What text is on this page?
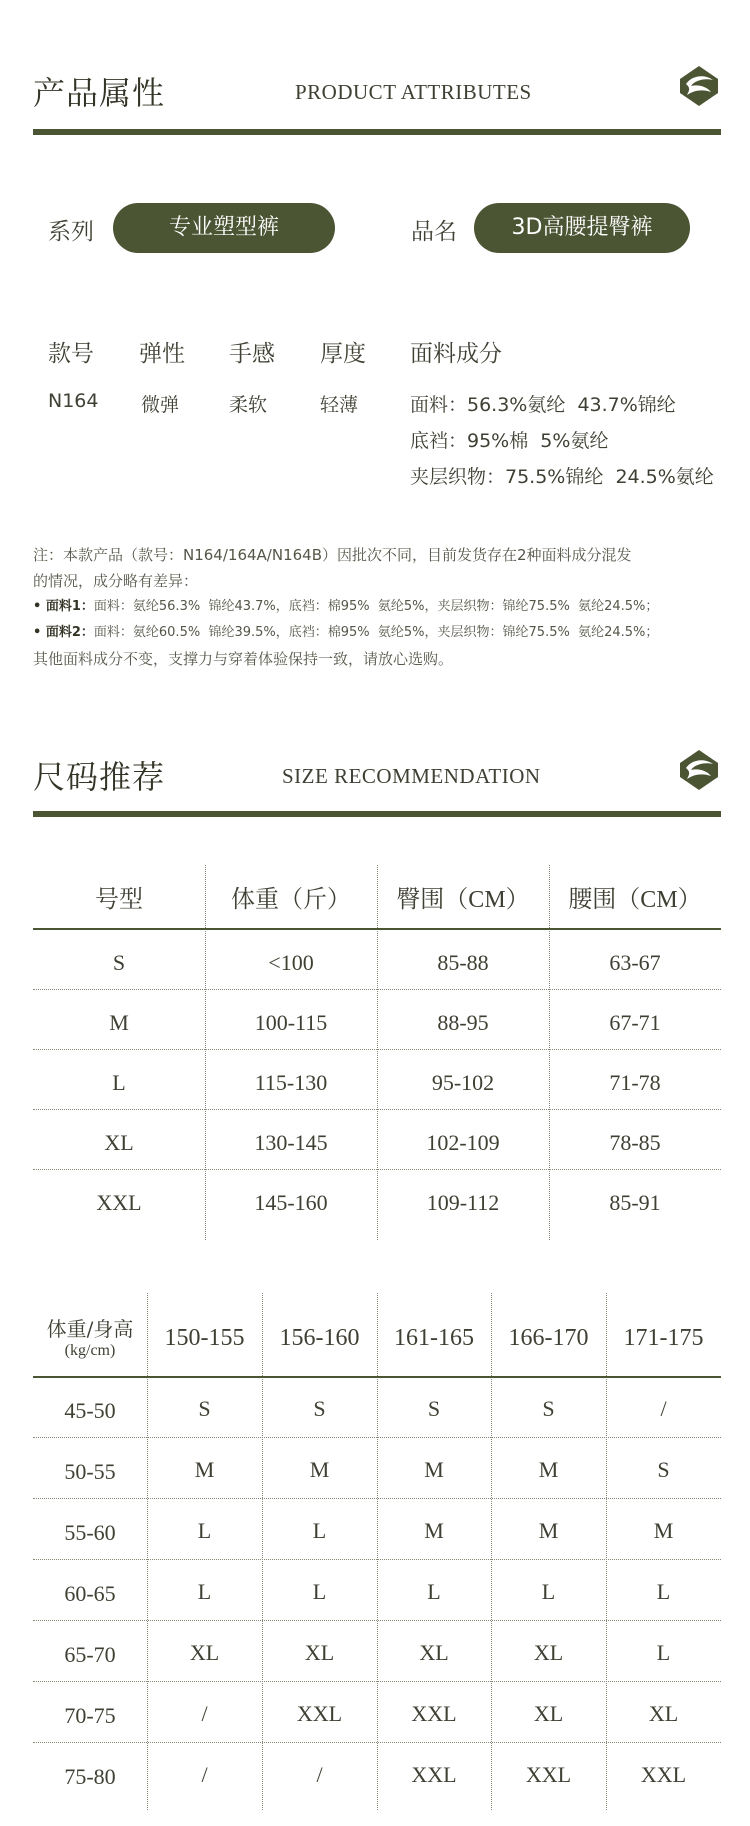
产品属性	PRODUCT ATTRIBUTES
系列	专业塑型裤	品名	3D高腰提臀裤
款号 弹性 手感 厚度 面料成分
N164 微弹	柔软	轻薄	面料：56.3%氨纶  43.7%锦纶
底裆：95%棉  5%氨纶
夹层织物：75.5%锦纶  24.5%氨纶
注：本款产品（款号：N164/164A/N164B）因批次不同，目前发货存在2种面料成分混发
的情况，成分略有差异：
• 面料1：面料：氨纶56.3%  锦纶43.7%，底裆：棉95%  氨纶5%，夹层织物：锦纶75.5%  氨纶24.5%；
• 面料2：面料：氨纶60.5%  锦纶39.5%，底裆：棉95%  氨纶5%，夹层织物：锦纶75.5%  氨纶24.5%；
其他面料成分不变，支撑力与穿着体验保持一致，请放心选购。
尺码推荐	SIZE RECOMMENDATION
号型	体重（斤）	臀围（CM）	腰围（CM）
S	<100	85-88	63-67
M	100-115	88-95	67-71
L	115-130	95-102	71-78
XL	130-145	102-109	78-85
XXL	145-160	109-112	85-91
体重/身高
(kg/cm)	150-155	156-160	161-165	166-170	171-175
45-50	S	S	S	S	/
50-55	M	M	M	M	S
55-60	L	L	M	M	M
60-65	L	L	L	L	L
65-70	XL	XL	XL	XL	L
70-75	/	XXL	XXL	XL	XL
75-80	/	/	XXL	XXL	XXL
